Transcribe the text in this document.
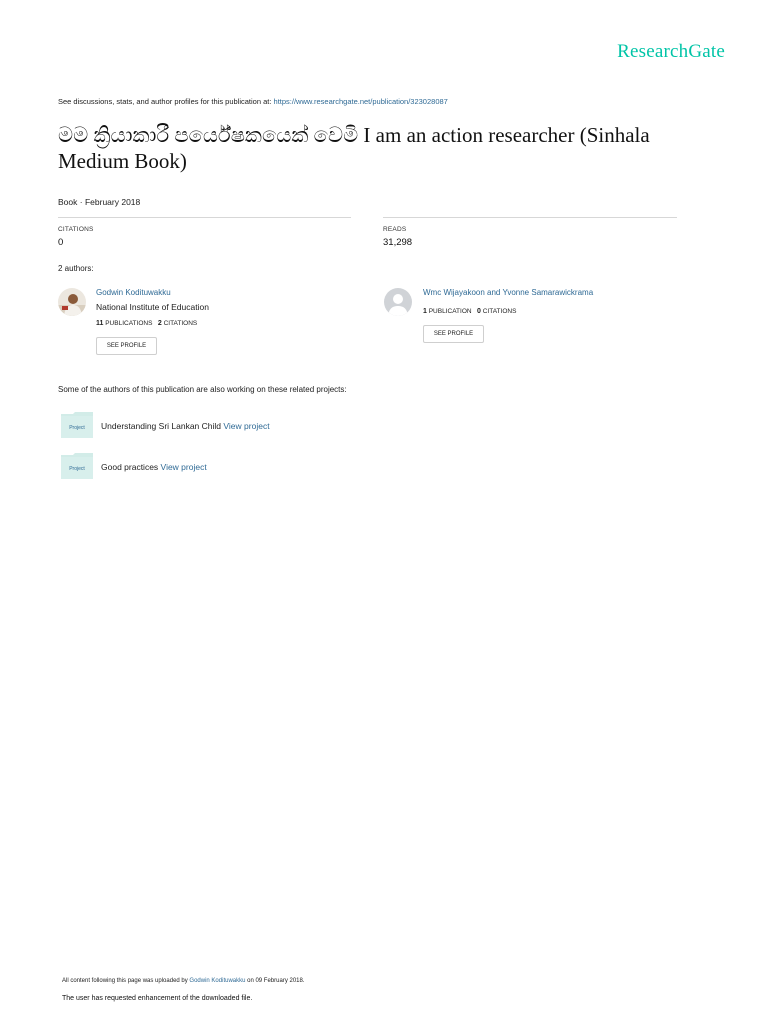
ResearchGate
See discussions, stats, and author profiles for this publication at: https://www.researchgate.net/publication/323028087
මම ක්‍රියාකාරී පර්යේෂකයෙක් වෙමි I am an action researcher (Sinhala Medium Book)
Book · February 2018
CITATIONS
0
READS
31,298
2 authors:
Godwin Kodituwakku
National Institute of Education
11 PUBLICATIONS 2 CITATIONS
SEE PROFILE
Wmc Wijayakoon and Yvonne Samarawickrama
1 PUBLICATION 0 CITATIONS
SEE PROFILE
Some of the authors of this publication are also working on these related projects:
Project Understanding Sri Lankan Child View project
Project Good practices View project
All content following this page was uploaded by Godwin Kodituwakku on 09 February 2018.
The user has requested enhancement of the downloaded file.
